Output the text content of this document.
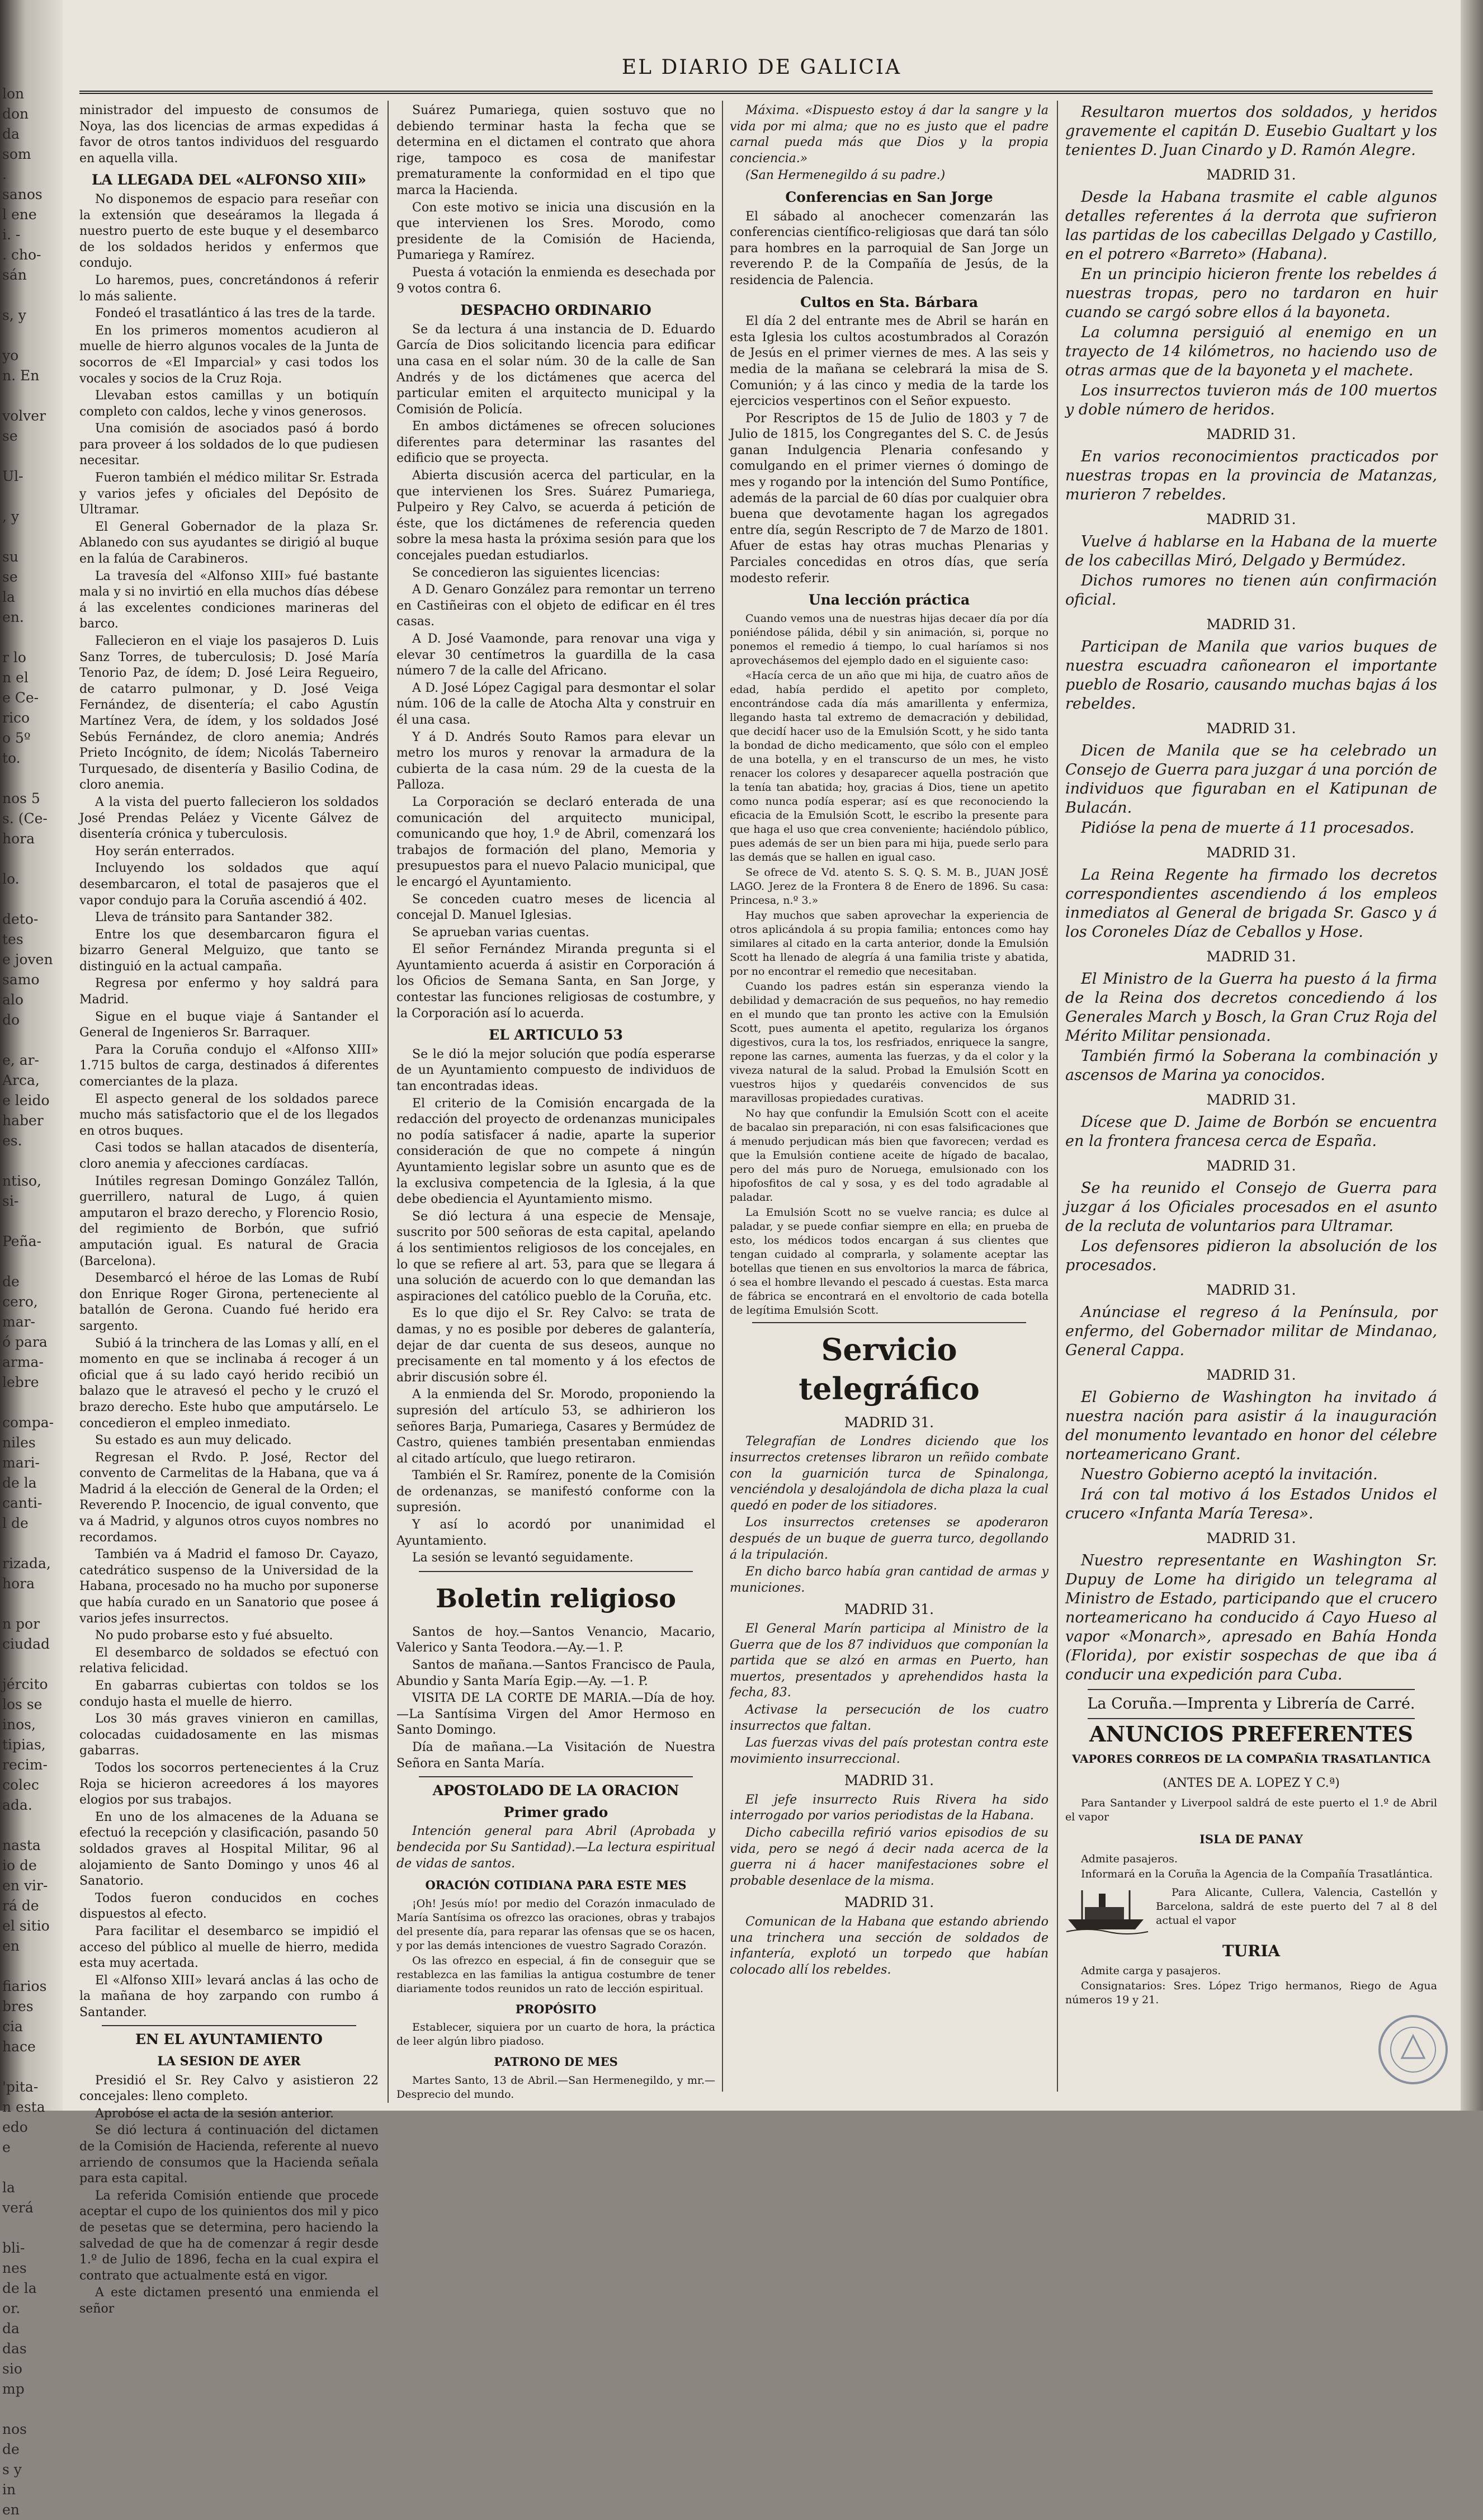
lon
don
da
som
.
sanos
l ene
i. -
. cho-
sán

s, y

yo
n. En

volver
se

Ul-

, y

su
se
la
en.

r lo
n el
e Ce-
rico
o 5º
to.

nos 5
s. (Ce-
hora

lo.

deto-
tes
e joven
samo
alo
do

e, ar-
Arca,
e leido
haber
es.

ntiso,
si-

Peña-

de
cero,
mar-
ó para
arma-
lebre

compa-
niles
mari-
de la
canti-
l de

rizada,
hora

n por
ciudad

jército
los se
inos,
tipias,
recim-
colec
ada.

nasta
io de
en vir-
rá de
el sitio
en

fiarios
bres
cia
hace

'pita-
n esta
edo
e

la
verá

bli-
nes
de la
or.
da
das
sio
mp

nos
de
s y
in
en
EL DIARIO DE GALICIA

ministrador del impuesto de consumos de Noya, las dos licencias de armas expedidas á favor de otros tantos individuos del resguardo en aquella villa.

LA LLEGADA DEL «ALFONSO XIII»

No disponemos de espacio para reseñar con la extensión que deseáramos la llegada á nuestro puerto de este buque y el desembarco de los soldados heridos y enfermos que condujo.

Lo haremos, pues, concretándonos á referir lo más saliente.

Fondeó el trasatlántico á las tres de la tarde.

En los primeros momentos acudieron al muelle de hierro algunos vocales de la Junta de socorros de «El Imparcial» y casi todos los vocales y socios de la Cruz Roja.

Llevaban estos camillas y un botiquín completo con caldos, leche y vinos generosos.

Una comisión de asociados pasó á bordo para proveer á los soldados de lo que pudiesen necesitar.

Fueron también el médico militar Sr. Estrada y varios jefes y oficiales del Depósito de Ultramar.

El General Gobernador de la plaza Sr. Ablanedo con sus ayudantes se dirigió al buque en la falúa de Carabineros.

La travesía del «Alfonso XIII» fué bastante mala y si no invirtió en ella muchos días débese á las excelentes condiciones marineras del barco.

Fallecieron en el viaje los pasajeros D. Luis Sanz Torres, de tuberculosis; D. José María Tenorio Paz, de ídem; D. José Leira Regueiro, de catarro pulmonar, y D. José Veiga Fernández, de disentería; el cabo Agustín Martínez Vera, de ídem, y los soldados José Sebús Fernández, de cloro anemia; Andrés Prieto Incógnito, de ídem; Nicolás Taberneiro Turquesado, de disentería y Basilio Codina, de cloro anemia.

A la vista del puerto fallecieron los soldados José Prendas Peláez y Vicente Gálvez de disentería crónica y tuberculosis.

Hoy serán enterrados.

Incluyendo los soldados que aquí desembarcaron, el total de pasajeros que el vapor condujo para la Coruña ascendió á 402.

Lleva de tránsito para Santander 382.

Entre los que desembarcaron figura el bizarro General Melguizo, que tanto se distinguió en la actual campaña.

Regresa por enfermo y hoy saldrá para Madrid.

Sigue en el buque viaje á Santander el General de Ingenieros Sr. Barraquer.

Para la Coruña condujo el «Alfonso XIII» 1.715 bultos de carga, destinados á diferentes comerciantes de la plaza.

El aspecto general de los soldados parece mucho más satisfactorio que el de los llegados en otros buques.

Casi todos se hallan atacados de disentería, cloro anemia y afecciones cardíacas.

Inútiles regresan Domingo González Tallón, guerrillero, natural de Lugo, á quien amputaron el brazo derecho, y Florencio Rosio, del regimiento de Borbón, que sufrió amputación igual. Es natural de Gracia (Barcelona).

Desembarcó el héroe de las Lomas de Rubí don Enrique Roger Girona, perteneciente al batallón de Gerona. Cuando fué herido era sargento.

Subió á la trinchera de las Lomas y allí, en el momento en que se inclinaba á recoger á un oficial que á su lado cayó herido recibió un balazo que le atravesó el pecho y le cruzó el brazo derecho. Este hubo que amputárselo. Le concedieron el empleo inmediato.

Su estado es aun muy delicado.

Regresan el Rvdo. P. José, Rector del convento de Carmelitas de la Habana, que va á Madrid á la elección de General de la Orden; el Reverendo P. Inocencio, de igual convento, que va á Madrid, y algunos otros cuyos nombres no recordamos.

También va á Madrid el famoso Dr. Cayazo, catedrático suspenso de la Universidad de la Habana, procesado no ha mucho por suponerse que había curado en un Sanatorio que posee á varios jefes insurrectos.

No pudo probarse esto y fué absuelto.

El desembarco de soldados se efectuó con relativa felicidad.

En gabarras cubiertas con toldos se los condujo hasta el muelle de hierro.

Los 30 más graves vinieron en camillas, colocadas cuidadosamente en las mismas gabarras.

Todos los socorros pertenecientes á la Cruz Roja se hicieron acreedores á los mayores elogios por sus trabajos.

En uno de los almacenes de la Aduana se efectuó la recepción y clasificación, pasando 50 soldados graves al Hospital Militar, 96 al alojamiento de Santo Domingo y unos 46 al Sanatorio.

Todos fueron conducidos en coches dispuestos al efecto.

Para facilitar el desembarco se impidió el acceso del público al muelle de hierro, medida esta muy acertada.

El «Alfonso XIII» levará anclas á las ocho de la mañana de hoy zarpando con rumbo á Santander.

EN EL AYUNTAMIENTO
LA SESION DE AYER

Presidió el Sr. Rey Calvo y asistieron 22 concejales: lleno completo.

Aprobóse el acta de la sesión anterior.

Se dió lectura á continuación del dictamen de la Comisión de Hacienda, referente al nuevo arriendo de consumos que la Hacienda señala para esta capital.

La referida Comisión entiende que procede aceptar el cupo de los quinientos dos mil y pico de pesetas que se determina, pero haciendo la salvedad de que ha de comenzar á regir desde 1.º de Julio de 1896, fecha en la cual expira el contrato que actualmente está en vigor.

A este dictamen presentó una enmienda el señor

Suárez Pumariega, quien sostuvo que no debiendo terminar hasta la fecha que se determina en el dictamen el contrato que ahora rige, tampoco es cosa de manifestar prematuramente la conformidad en el tipo que marca la Hacienda.

Con este motivo se inicia una discusión en la que intervienen los Sres. Morodo, como presidente de la Comisión de Hacienda, Pumariega y Ramírez.

Puesta á votación la enmienda es desechada por 9 votos contra 6.

DESPACHO ORDINARIO

Se da lectura á una instancia de D. Eduardo García de Dios solicitando licencia para edificar una casa en el solar núm. 30 de la calle de San Andrés y de los dictámenes que acerca del particular emiten el arquitecto municipal y la Comisión de Policía.

En ambos dictámenes se ofrecen soluciones diferentes para determinar las rasantes del edificio que se proyecta.

Abierta discusión acerca del particular, en la que intervienen los Sres. Suárez Pumariega, Pulpeiro y Rey Calvo, se acuerda á petición de éste, que los dictámenes de referencia queden sobre la mesa hasta la próxima sesión para que los concejales puedan estudiarlos.

Se concedieron las siguientes licencias:

A D. Genaro González para remontar un terreno en Castiñeiras con el objeto de edificar en él tres casas.

A D. José Vaamonde, para renovar una viga y elevar 30 centímetros la guardilla de la casa número 7 de la calle del Africano.

A D. José López Cagigal para desmontar el solar núm. 106 de la calle de Atocha Alta y construir en él una casa.

Y á D. Andrés Souto Ramos para elevar un metro los muros y renovar la armadura de la cubierta de la casa núm. 29 de la cuesta de la Palloza.

La Corporación se declaró enterada de una comunicación del arquitecto municipal, comunicando que hoy, 1.º de Abril, comenzará los trabajos de formación del plano, Memoria y presupuestos para el nuevo Palacio municipal, que le encargó el Ayuntamiento.

Se conceden cuatro meses de licencia al concejal D. Manuel Iglesias.

Se aprueban varias cuentas.

El señor Fernández Miranda pregunta si el Ayuntamiento acuerda á asistir en Corporación á los Oficios de Semana Santa, en San Jorge, y contestar las funciones religiosas de costumbre, y la Corporación así lo acuerda.

EL ARTICULO 53

Se le dió la mejor solución que podía esperarse de un Ayuntamiento compuesto de individuos de tan encontradas ideas.

El criterio de la Comisión encargada de la redacción del proyecto de ordenanzas municipales no podía satisfacer á nadie, aparte la superior consideración de que no compete á ningún Ayuntamiento legislar sobre un asunto que es de la exclusiva competencia de la Iglesia, á la que debe obediencia el Ayuntamiento mismo.

Se dió lectura á una especie de Mensaje, suscrito por 500 señoras de esta capital, apelando á los sentimientos religiosos de los concejales, en lo que se refiere al art. 53, para que se llegara á una solución de acuerdo con lo que demandan las aspiraciones del católico pueblo de la Coruña, etc.

Es lo que dijo el Sr. Rey Calvo: se trata de damas, y no es posible por deberes de galantería, dejar de dar cuenta de sus deseos, aunque no precisamente en tal momento y á los efectos de abrir discusión sobre él.

A la enmienda del Sr. Morodo, proponiendo la supresión del artículo 53, se adhirieron los señores Barja, Pumariega, Casares y Bermúdez de Castro, quienes también presentaban enmiendas al citado artículo, que luego retiraron.

También el Sr. Ramírez, ponente de la Comisión de ordenanzas, se manifestó conforme con la supresión.

Y así lo acordó por unanimidad el Ayuntamiento.

La sesión se levantó seguidamente.

Boletin religioso

Santos de hoy.—Santos Venancio, Macario, Valerico y Santa Teodora.—Ay.—1. P.

Santos de mañana.—Santos Francisco de Paula, Abundio y Santa María Egip.—Ay. —1. P.

VISITA DE LA CORTE DE MARIA.—Día de hoy.—La Santísima Virgen del Amor Hermoso en Santo Domingo.

Día de mañana.—La Visitación de Nuestra Señora en Santa María.

APOSTOLADO DE LA ORACION
Primer grado

Intención general para Abril (Aprobada y bendecida por Su Santidad).—La lectura espiritual de vidas de santos.

ORACIÓN COTIDIANA PARA ESTE MES

¡Oh! Jesús mío! por medio del Corazón inmaculado de María Santísima os ofrezco las oraciones, obras y trabajos del presente día, para reparar las ofensas que se os hacen, y por las demás intenciones de vuestro Sagrado Corazón.

Os las ofrezco en especial, á fin de conseguir que se restablezca en las familias la antigua costumbre de tener diariamente todos reunidos un rato de lección espiritual.

PROPÓSITO

Establecer, siquiera por un cuarto de hora, la práctica de leer algún libro piadoso.

PATRONO DE MES

Martes Santo, 13 de Abril.—San Hermenegildo, y mr.—Desprecio del mundo.

Máxima. «Dispuesto estoy á dar la sangre y la vida por mi alma; que no es justo que el padre carnal pueda más que Dios y la propia conciencia.»

(San Hermenegildo á su padre.)

Conferencias en San Jorge

El sábado al anochecer comenzarán las conferencias científico-religiosas que dará tan sólo para hombres en la parroquial de San Jorge un reverendo P. de la Compañía de Jesús, de la residencia de Palencia.

Cultos en Sta. Bárbara

El día 2 del entrante mes de Abril se harán en esta Iglesia los cultos acostumbrados al Corazón de Jesús en el primer viernes de mes. A las seis y media de la mañana se celebrará la misa de S. Comunión; y á las cinco y media de la tarde los ejercicios vespertinos con el Señor expuesto.

Por Rescriptos de 15 de Julio de 1803 y 7 de Julio de 1815, los Congregantes del S. C. de Jesús ganan Indulgencia Plenaria confesando y comulgando en el primer viernes ó domingo de mes y rogando por la intención del Sumo Pontífice, además de la parcial de 60 días por cualquier obra buena que devotamente hagan los agregados entre día, según Rescripto de 7 de Marzo de 1801. Afuer de estas hay otras muchas Plenarias y Parciales concedidas en otros días, que sería modesto referir.

Una lección práctica

Cuando vemos una de nuestras hijas decaer día por día poniéndose pálida, débil y sin animación, si, porque no ponemos el remedio á tiempo, lo cual haríamos si nos aprovechásemos del ejemplo dado en el siguiente caso:

«Hacía cerca de un año que mi hija, de cuatro años de edad, había perdido el apetito por completo, encontrándose cada día más amarillenta y enfermiza, llegando hasta tal extremo de demacración y debilidad, que decidí hacer uso de la Emulsión Scott, y he sido tanta la bondad de dicho medicamento, que sólo con el empleo de una botella, y en el transcurso de un mes, he visto renacer los colores y desaparecer aquella postración que la tenía tan abatida; hoy, gracias á Dios, tiene un apetito como nunca podía esperar; así es que reconociendo la eficacia de la Emulsión Scott, le escribo la presente para que haga el uso que crea conveniente; haciéndolo público, pues además de ser un bien para mi hija, puede serlo para las demás que se hallen en igual caso.

Se ofrece de Vd. atento S. S. Q. S. M. B., JUAN JOSÉ LAGO. Jerez de la Frontera 8 de Enero de 1896. Su casa: Princesa, n.º 3.»

Hay muchos que saben aprovechar la experiencia de otros aplicándola á su propia familia; entonces como hay similares al citado en la carta anterior, donde la Emulsión Scott ha llenado de alegría á una familia triste y abatida, por no encontrar el remedio que necesitaban.

Cuando los padres están sin esperanza viendo la debilidad y demacración de sus pequeños, no hay remedio en el mundo que tan pronto les active con la Emulsión Scott, pues aumenta el apetito, regulariza los órganos digestivos, cura la tos, los resfriados, enriquece la sangre, repone las carnes, aumenta las fuerzas, y da el color y la viveza natural de la salud. Probad la Emulsión Scott en vuestros hijos y quedaréis convencidos de sus maravillosas propiedades curativas.

No hay que confundir la Emulsión Scott con el aceite de bacalao sin preparación, ni con esas falsificaciones que á menudo perjudican más bien que favorecen; verdad es que la Emulsión contiene aceite de hígado de bacalao, pero del más puro de Noruega, emulsionado con los hipofosfitos de cal y sosa, y es del todo agradable al paladar.

La Emulsión Scott no se vuelve rancia; es dulce al paladar, y se puede confiar siempre en ella; en prueba de esto, los médicos todos encargan á sus clientes que tengan cuidado al comprarla, y solamente aceptar las botellas que tienen en sus envoltorios la marca de fábrica, ó sea el hombre llevando el pescado á cuestas. Esta marca de fábrica se encontrará en el envoltorio de cada botella de legítima Emulsión Scott.

Servicio telegráfico
MADRID 31.

Telegrafían de Londres diciendo que los insurrectos cretenses libraron un reñido combate con la guarnición turca de Spinalonga, venciéndola y desalojándola de dicha plaza la cual quedó en poder de los sitiadores.

Los insurrectos cretenses se apoderaron después de un buque de guerra turco, degollando á la tripulación.

En dicho barco había gran cantidad de armas y municiones.

MADRID 31.

El General Marín participa al Ministro de la Guerra que de los 87 individuos que componían la partida que se alzó en armas en Puerto, han muertos, presentados y aprehendidos hasta la fecha, 83.

Activase la persecución de los cuatro insurrectos que faltan.

Las fuerzas vivas del país protestan contra este movimiento insurreccional.

MADRID 31.

El jefe insurrecto Ruis Rivera ha sido interrogado por varios periodistas de la Habana.

Dicho cabecilla refirió varios episodios de su vida, pero se negó á decir nada acerca de la guerra ni á hacer manifestaciones sobre el probable desenlace de la misma.

MADRID 31.

Comunican de la Habana que estando abriendo una trinchera una sección de soldados de infantería, explotó un torpedo que habían colocado allí los rebeldes.

Resultaron muertos dos soldados, y heridos gravemente el capitán D. Eusebio Gualtart y los tenientes D. Juan Cinardo y D. Ramón Alegre.

MADRID 31.

Desde la Habana trasmite el cable algunos detalles referentes á la derrota que sufrieron las partidas de los cabecillas Delgado y Castillo, en el potrero «Barreto» (Habana).

En un principio hicieron frente los rebeldes á nuestras tropas, pero no tardaron en huir cuando se cargó sobre ellos á la bayoneta.

La columna persiguió al enemigo en un trayecto de 14 kilómetros, no haciendo uso de otras armas que de la bayoneta y el machete.

Los insurrectos tuvieron más de 100 muertos y doble número de heridos.

MADRID 31.

En varios reconocimientos practicados por nuestras tropas en la provincia de Matanzas, murieron 7 rebeldes.

MADRID 31.

Vuelve á hablarse en la Habana de la muerte de los cabecillas Miró, Delgado y Bermúdez.

Dichos rumores no tienen aún confirmación oficial.

MADRID 31.

Participan de Manila que varios buques de nuestra escuadra cañonearon el importante pueblo de Rosario, causando muchas bajas á los rebeldes.

MADRID 31.

Dicen de Manila que se ha celebrado un Consejo de Guerra para juzgar á una porción de individuos que figuraban en el Katipunan de Bulacán.

Pidióse la pena de muerte á 11 procesados.

MADRID 31.

La Reina Regente ha firmado los decretos correspondientes ascendiendo á los empleos inmediatos al General de brigada Sr. Gasco y á los Coroneles Díaz de Ceballos y Hose.

MADRID 31.

El Ministro de la Guerra ha puesto á la firma de la Reina dos decretos concediendo á los Generales March y Bosch, la Gran Cruz Roja del Mérito Militar pensionada.

También firmó la Soberana la combinación y ascensos de Marina ya conocidos.

MADRID 31.

Dícese que D. Jaime de Borbón se encuentra en la frontera francesa cerca de España.

MADRID 31.

Se ha reunido el Consejo de Guerra para juzgar á los Oficiales procesados en el asunto de la recluta de voluntarios para Ultramar.

Los defensores pidieron la absolución de los procesados.

MADRID 31.

Anúnciase el regreso á la Península, por enfermo, del Gobernador militar de Mindanao, General Cappa.

MADRID 31.

El Gobierno de Washington ha invitado á nuestra nación para asistir á la inauguración del monumento levantado en honor del célebre norteamericano Grant.

Nuestro Gobierno aceptó la invitación.

Irá con tal motivo á los Estados Unidos el crucero «Infanta María Teresa».

MADRID 31.

Nuestro representante en Washington Sr. Dupuy de Lome ha dirigido un telegrama al Ministro de Estado, participando que el crucero norteamericano ha conducido á Cayo Hueso al vapor «Monarch», apresado en Bahía Honda (Florida), por existir sospechas de que iba á conducir una expedición para Cuba.

La Coruña.—Imprenta y Librería de Carré.

ANUNCIOS PREFERENTES
VAPORES CORREOS DE LA COMPAÑIA TRASATLANTICA
(ANTES DE A. LOPEZ Y C.ª)

Para Santander y Liverpool saldrá de este puerto el 1.º de Abril el vapor

ISLA DE PANAY

Admite pasajeros.

Informará en la Coruña la Agencia de la Compañía Trasatlántica.

Para Alicante, Cullera, Valencia, Castellón y Barcelona, saldrá de este puerto del 7 al 8 del actual el vapor

TURIA

Admite carga y pasajeros.

Consignatarios: Sres. López Trigo hermanos, Riego de Agua números 19 y 21.
